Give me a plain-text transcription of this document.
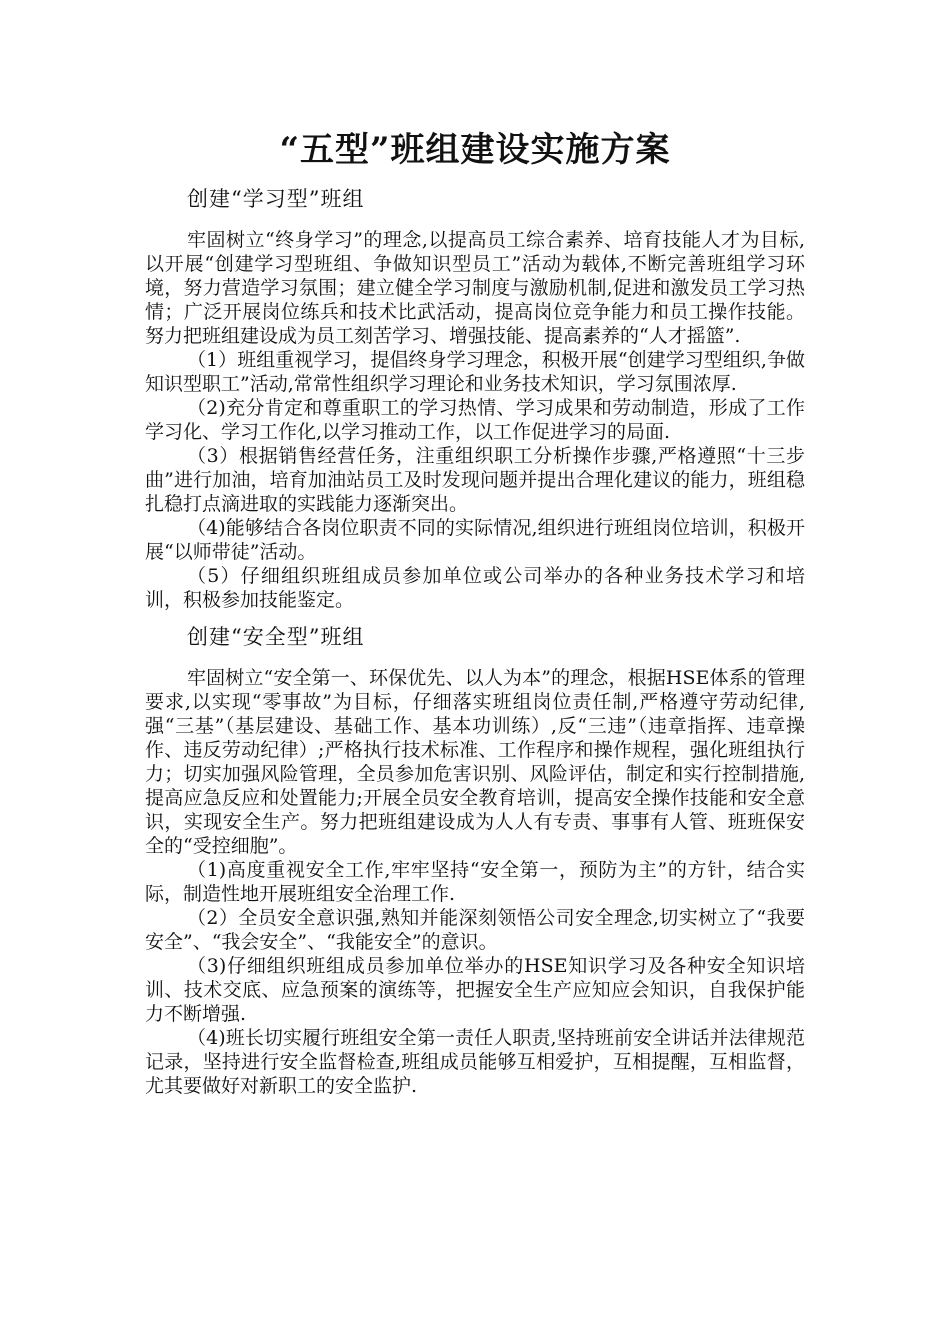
“五型”班组建设实施方案
创建“学习型”班组

牢固树立“终身学习”的理念,以提高员工综合素养、培育技能人才为目标,以开展“创建学习型班组、争做知识型员工”活动为载体,不断完善班组学习环境，努力营造学习氛围；建立健全学习制度与激励机制,促进和激发员工学习热情；广泛开展岗位练兵和技术比武活动，提高岗位竞争能力和员工操作技能。努力把班组建设成为员工刻苦学习、增强技能、提高素养的“人才摇篮”.

（1）班组重视学习，提倡终身学习理念，积极开展“创建学习型组织,争做知识型职工”活动,常常性组织学习理论和业务技术知识，学习氛围浓厚.

（2)充分肯定和尊重职工的学习热情、学习成果和劳动制造，形成了工作学习化、学习工作化,以学习推动工作，以工作促进学习的局面.

（3）根据销售经营任务，注重组织职工分析操作步骤,严格遵照“十三步曲”进行加油，培育加油站员工及时发现问题并提出合理化建议的能力，班组稳扎稳打点滴进取的实践能力逐渐突出。

（4)能够结合各岗位职责不同的实际情况,组织进行班组岗位培训，积极开展“以师带徒”活动。

（5）仔细组织班组成员参加单位或公司举办的各种业务技术学习和培训，积极参加技能鉴定。

创建“安全型”班组

牢固树立“安全第一、环保优先、以人为本”的理念，根据HSE体系的管理要求,以实现“零事故”为目标，仔细落实班组岗位责任制,严格遵守劳动纪律,强“三基”（基层建设、基础工作、基本功训练）,反“三违”（违章指挥、违章操作、违反劳动纪律）;严格执行技术标准、工作程序和操作规程，强化班组执行力；切实加强风险管理，全员参加危害识别、风险评估，制定和实行控制措施,提高应急反应和处置能力;开展全员安全教育培训，提高安全操作技能和安全意识，实现安全生产。努力把班组建设成为人人有专责、事事有人管、班班保安全的“受控细胞”。

（1)高度重视安全工作,牢牢坚持“安全第一，预防为主”的方针，结合实际，制造性地开展班组安全治理工作.

（2）全员安全意识强,熟知并能深刻领悟公司安全理念,切实树立了“我要安全”、“我会安全”、“我能安全”的意识。

（3)仔细组织班组成员参加单位举办的HSE知识学习及各种安全知识培训、技术交底、应急预案的演练等，把握安全生产应知应会知识，自我保护能力不断增强.

（4)班长切实履行班组安全第一责任人职责,坚持班前安全讲话并法律规范记录，坚持进行安全监督检查,班组成员能够互相爱护，互相提醒，互相监督，尤其要做好对新职工的安全监护.
